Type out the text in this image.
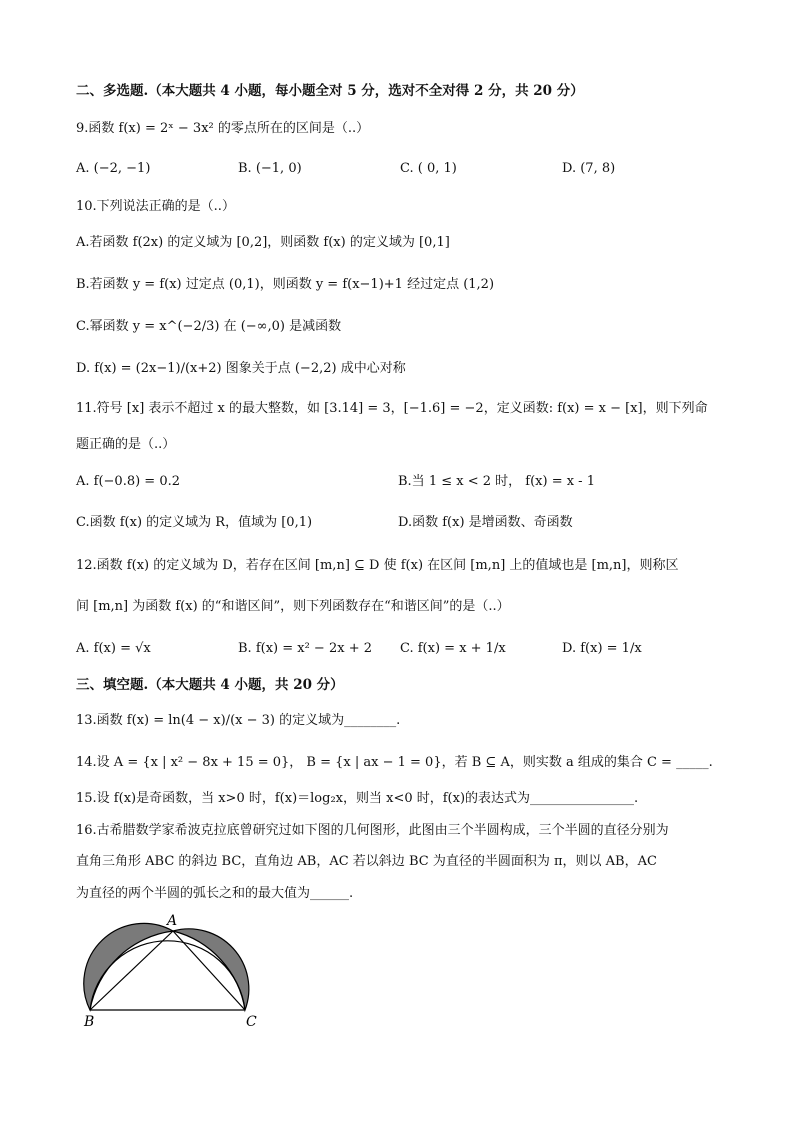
二、多选题.（本大题共 4 小题，每小题全对 5 分，选对不全对得 2 分，共 20 分）
9.函数 f(x) = 2ˣ − 3x² 的零点所在的区间是（..）
A. (−2, −1)	B. (−1, 0)	C. ( 0, 1)	D. (7, 8)
10.下列说法正确的是（..）
A.若函数 f(2x) 的定义域为 [0,2]，则函数 f(x) 的定义域为 [0,1]
B.若函数 y = f(x) 过定点 (0,1)，则函数 y = f(x−1)+1 经过定点 (1,2)
C.幂函数 y = x^(−2/3) 在 (−∞,0) 是减函数
D. f(x) = (2x−1)/(x+2) 图象关于点 (−2,2) 成中心对称
11.符号 [x] 表示不超过 x 的最大整数，如 [3.14] = 3，[−1.6] = −2，定义函数: f(x) = x − [x]，则下列命
题正确的是（..）
A. f(−0.8) = 0.2	B.当 1 ≤ x < 2 时， f(x) = x - 1
C.函数 f(x) 的定义域为 R，值域为 [0,1)	D.函数 f(x) 是增函数、奇函数
12.函数 f(x) 的定义域为 D，若存在区间 [m,n] ⊆ D 使 f(x) 在区间 [m,n] 上的值域也是 [m,n]，则称区
间 [m,n] 为函数 f(x) 的“和谐区间”，则下列函数存在“和谐区间”的是（..）
A. f(x) = √x	B. f(x) = x² − 2x + 2 C. f(x) = x + 1/x	D. f(x) = 1/x
三、填空题.（本大题共 4 小题，共 20 分）
13.函数 f(x) = ln(4 − x)/(x − 3) 的定义域为________.
14.设 A = {x | x² − 8x + 15 = 0}， B = {x | ax − 1 = 0}，若 B ⊆ A，则实数 a 组成的集合 C = _____.
15.设 f(x)是奇函数，当 x>0 时，f(x)＝log₂x，则当 x<0 时，f(x)的表达式为________________.
16.古希腊数学家希波克拉底曾研究过如下图的几何图形，此图由三个半圆构成，三个半圆的直径分别为
直角三角形 ABC 的斜边 BC，直角边 AB，AC 若以斜边 BC 为直径的半圆面积为 π，则以 AB，AC
为直径的两个半圆的弧长之和的最大值为______.
A
B	C
